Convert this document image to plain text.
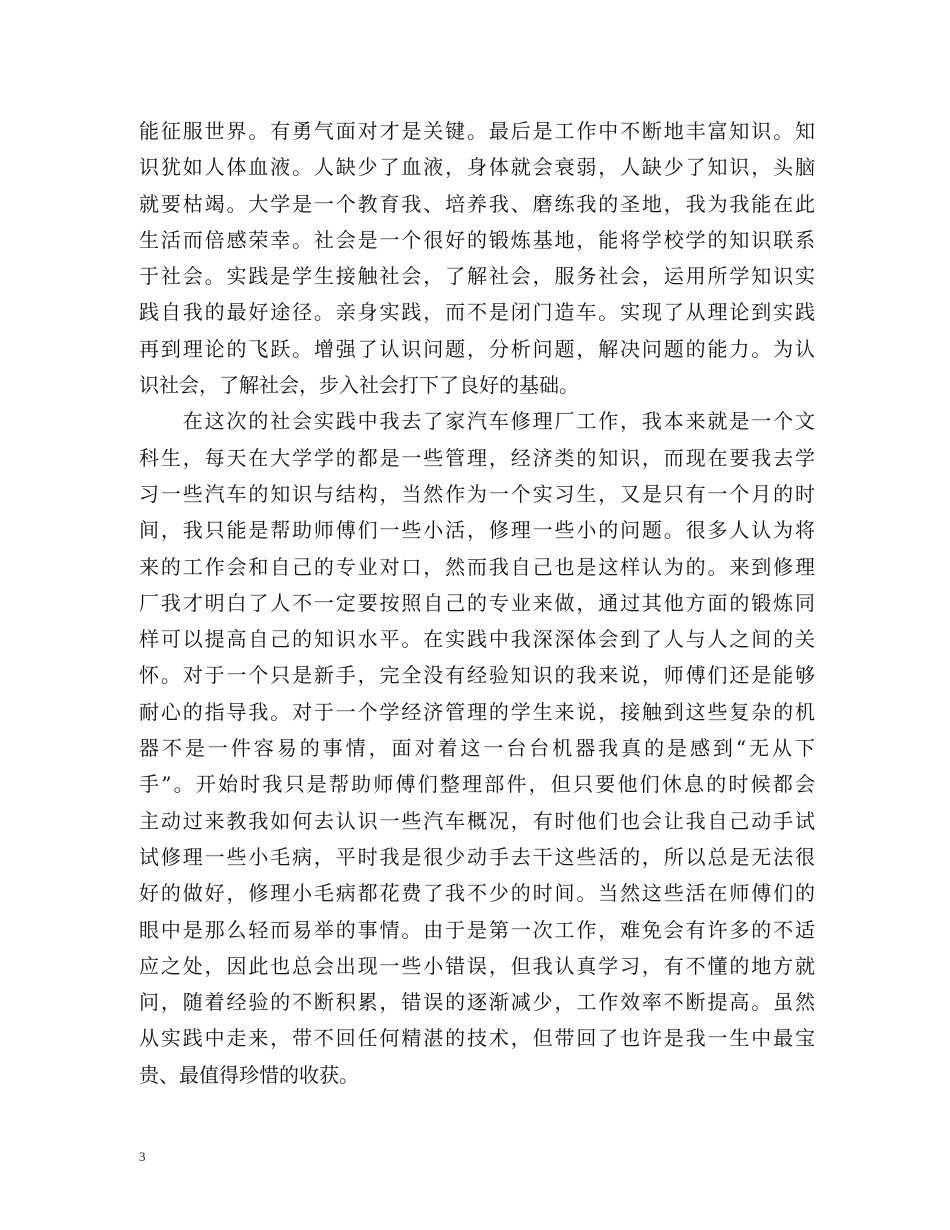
能征服世界。有勇气面对才是关键。最后是工作中不断地丰富知识。知
识犹如人体血液。人缺少了血液，身体就会衰弱，人缺少了知识，头脑
就要枯竭。大学是一个教育我、培养我、磨练我的圣地，我为我能在此
生活而倍感荣幸。社会是一个很好的锻炼基地，能将学校学的知识联系
于社会。实践是学生接触社会，了解社会，服务社会，运用所学知识实
践自我的最好途径。亲身实践，而不是闭门造车。实现了从理论到实践
再到理论的飞跃。增强了认识问题，分析问题，解决问题的能力。为认
识社会，了解社会，步入社会打下了良好的基础。
　　在这次的社会实践中我去了家汽车修理厂工作，我本来就是一个文
科生，每天在大学学的都是一些管理，经济类的知识，而现在要我去学
习一些汽车的知识与结构，当然作为一个实习生，又是只有一个月的时
间，我只能是帮助师傅们一些小活，修理一些小的问题。很多人认为将
来的工作会和自己的专业对口，然而我自己也是这样认为的。来到修理
厂我才明白了人不一定要按照自己的专业来做，通过其他方面的锻炼同
样可以提高自己的知识水平。在实践中我深深体会到了人与人之间的关
怀。对于一个只是新手，完全没有经验知识的我来说，师傅们还是能够
耐心的指导我。对于一个学经济管理的学生来说，接触到这些复杂的机
器不是一件容易的事情，面对着这一台台机器我真的是感到“无从下
手”。开始时我只是帮助师傅们整理部件，但只要他们休息的时候都会
主动过来教我如何去认识一些汽车概况，有时他们也会让我自己动手试
试修理一些小毛病，平时我是很少动手去干这些活的，所以总是无法很
好的做好，修理小毛病都花费了我不少的时间。当然这些活在师傅们的
眼中是那么轻而易举的事情。由于是第一次工作，难免会有许多的不适
应之处，因此也总会出现一些小错误，但我认真学习，有不懂的地方就
问，随着经验的不断积累，错误的逐渐减少，工作效率不断提高。虽然
从实践中走来，带不回任何精湛的技术，但带回了也许是我一生中最宝
贵、最值得珍惜的收获。
3
